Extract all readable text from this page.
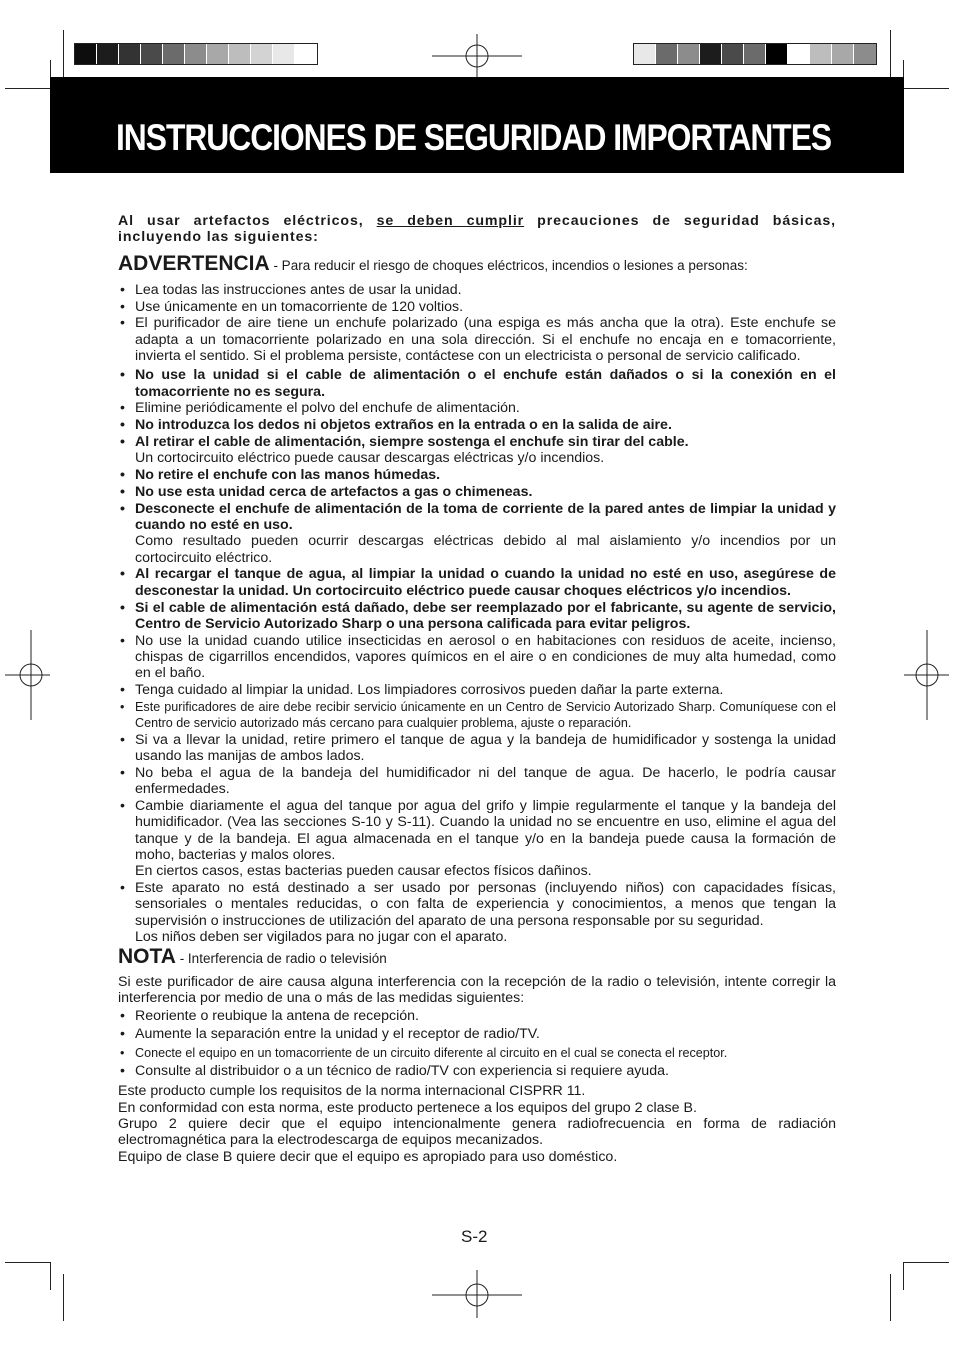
INSTRUCCIONES DE SEGURIDAD IMPORTANTES

Al usar artefactos eléctricos, se deben cumplir precauciones de seguridad básicas, incluyendo las siguientes:

ADVERTENCIA - Para reducir el riesgo de choques eléctricos, incendios o lesiones a personas:

• Lea todas las instrucciones antes de usar la unidad.
• Use únicamente en un tomacorriente de 120 voltios.
• El purificador de aire tiene un enchufe polarizado (una espiga es más ancha que la otra). Este enchufe se adapta a un tomacorriente polarizado en una sola dirección. Si el enchufe no encaja en e tomacorriente, invierta el sentido. Si el problema persiste, contáctese con un electricista o personal de servicio calificado.
• No use la unidad si el cable de alimentación o el enchufe están dañados o si la conexión en el tomacorriente no es segura.
• Elimine periódicamente el polvo del enchufe de alimentación.
• No introduzca los dedos ni objetos extraños en la entrada o en la salida de aire.
• Al retirar el cable de alimentación, siempre sostenga el enchufe sin tirar del cable.
Un cortocircuito eléctrico puede causar descargas eléctricas y/o incendios.
• No retire el enchufe con las manos húmedas.
• No use esta unidad cerca de artefactos a gas o chimeneas.
• Desconecte el enchufe de alimentación de la toma de corriente de la pared antes de limpiar la unidad y cuando no esté en uso.
Como resultado pueden ocurrir descargas eléctricas debido al mal aislamiento y/o incendios por un cortocircuito eléctrico.
• Al recargar el tanque de agua, al limpiar la unidad o cuando la unidad no esté en uso, asegúrese de desconestar la unidad. Un cortocircuito eléctrico puede causar choques eléctricos y/o incendios.
• Si el cable de alimentación está dañado, debe ser reemplazado por el fabricante, su agente de servicio, Centro de Servicio Autorizado Sharp o una persona calificada para evitar peligros.
• No use la unidad cuando utilice insecticidas en aerosol o en habitaciones con residuos de aceite, incienso, chispas de cigarrillos encendidos, vapores químicos en el aire o en condiciones de muy alta humedad, como en el baño.
• Tenga cuidado al limpiar la unidad. Los limpiadores corrosivos pueden dañar la parte externa.
• Este purificadores de aire debe recibir servicio únicamente en un Centro de Servicio Autorizado Sharp. Comuníquese con el Centro de servicio autorizado más cercano para cualquier problema, ajuste o reparación.
• Si va a llevar la unidad, retire primero el tanque de agua y la bandeja de humidificador y sostenga la unidad usando las manijas de ambos lados.
• No beba el agua de la bandeja del humidificador ni del tanque de agua. De hacerlo, le podría causar enfermedades.
• Cambie diariamente el agua del tanque por agua del grifo y limpie regularmente el tanque y la bandeja del humidificador. (Vea las secciones S-10 y S-11). Cuando la unidad no se encuentre en uso, elimine el agua del tanque y de la bandeja. El agua almacenada en el tanque y/o en la bandeja puede causa la formación de moho, bacterias y malos olores.
En ciertos casos, estas bacterias pueden causar efectos físicos dañinos.
• Este aparato no está destinado a ser usado por personas (incluyendo niños) con capacidades físicas, sensoriales o mentales reducidas, o con falta de experiencia y conocimientos, a menos que tengan la supervisión o instrucciones de utilización del aparato de una persona responsable por su seguridad.
Los niños deben ser vigilados para no jugar con el aparato.

NOTA - Interferencia de radio o televisión

Si este purificador de aire causa alguna interferencia con la recepción de la radio o televisión, intente corregir la interferencia por medio de una o más de las medidas siguientes:

• Reoriente o reubique la antena de recepción.
• Aumente la separación entre la unidad y el receptor de radio/TV.
• Conecte el equipo en un tomacorriente de un circuito diferente al circuito en el cual se conecta el receptor.
• Consulte al distribuidor o a un técnico de radio/TV con experiencia si requiere ayuda.

Este producto cumple los requisitos de la norma internacional CISPRR 11.

En conformidad con esta norma, este producto pertenece a los equipos del grupo 2 clase B.

Grupo 2 quiere decir que el equipo intencionalmente genera radiofrecuencia en forma de radiación electromagnética para la electrodescarga de equipos mecanizados.

Equipo de clase B quiere decir que el equipo es apropiado para uso doméstico.

S-2
